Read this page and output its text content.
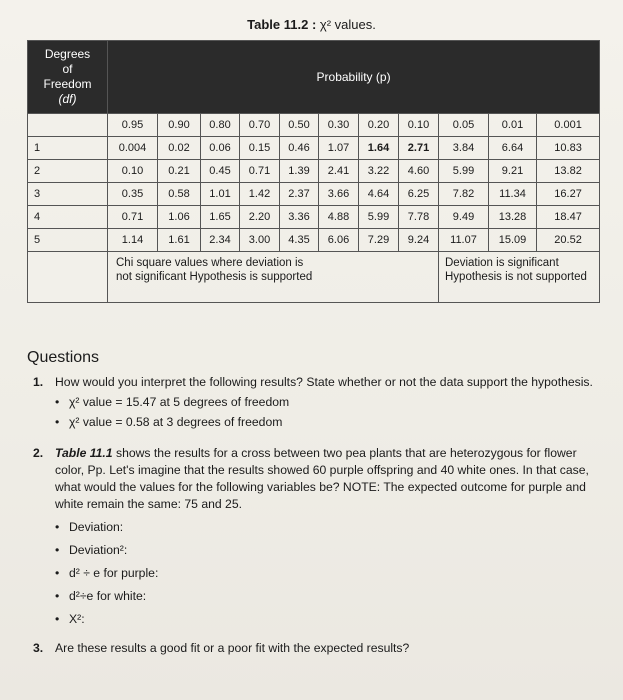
Table 11.2 : χ² values.
Degrees
of
Freedom
(df)	Probability (p)										
	0.95	0.90	0.80	0.70	0.50	0.30	0.20	0.10	0.05	0.01	0.001
1	0.004	0.02	0.06	0.15	0.46	1.07	1.64	2.71	3.84	6.64	10.83
2	0.10	0.21	0.45	0.71	1.39	2.41	3.22	4.60	5.99	9.21	13.82
3	0.35	0.58	1.01	1.42	2.37	3.66	4.64	6.25	7.82	11.34	16.27
4	0.71	1.06	1.65	2.20	3.36	4.88	5.99	7.78	9.49	13.28	18.47
5	1.14	1.61	2.34	3.00	4.35	6.06	7.29	9.24	11.07	15.09	20.52
	Chi square values where deviation is not significant Hypothesis is supported								Deviation is significant Hypothesis is not supported		
Questions
1. How would you interpret the following results? State whether or not the data support the hypothesis.
• χ² value = 15.47 at 5 degrees of freedom
• χ² value = 0.58 at 3 degrees of freedom
2. Table 11.1 shows the results for a cross between two pea plants that are heterozygous for flower color, Pp. Let's imagine that the results showed 60 purple offspring and 40 white ones. In that case, what would the values for the following variables be? NOTE: The expected outcome for purple and white remain the same: 75 and 25.
• Deviation:
• Deviation²:
• d² ÷ e for purple:
• d²÷e for white:
• X²:
3. Are these results a good fit or a poor fit with the expected results?
